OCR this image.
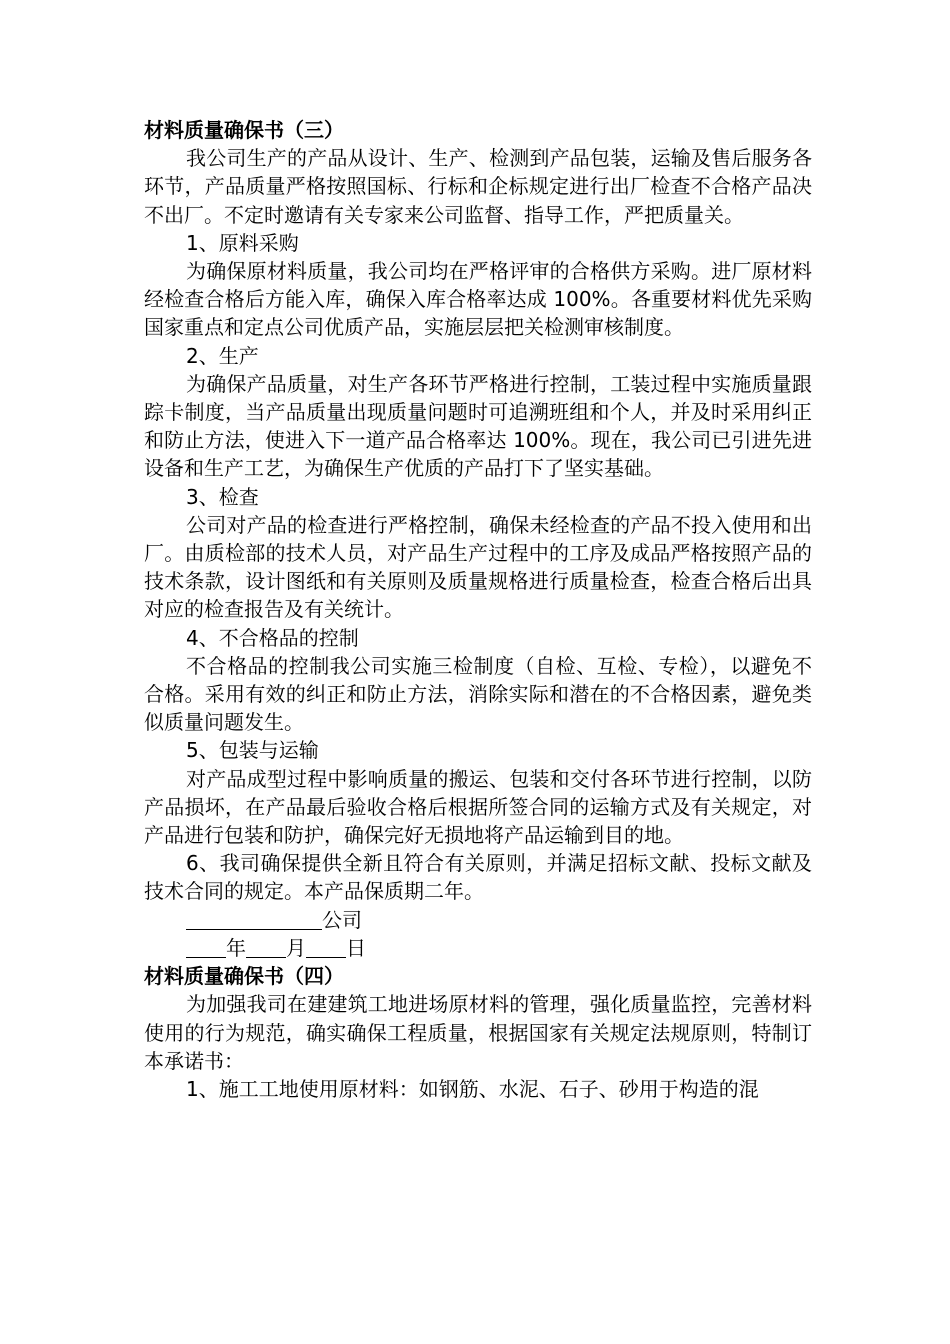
材料质量确保书（三）

我公司生产的产品从设计、生产、检测到产品包装，运输及售后服务各环节，产品质量严格按照国标、行标和企标规定进行出厂检查不合格产品决不出厂。不定时邀请有关专家来公司监督、指导工作，严把质量关。

1、原料采购

为确保原材料质量，我公司均在严格评审的合格供方采购。进厂原材料经检查合格后方能入库，确保入库合格率达成 100%。各重要材料优先采购国家重点和定点公司优质产品，实施层层把关检测审核制度。

2、生产

为确保产品质量，对生产各环节严格进行控制，工装过程中实施质量跟踪卡制度，当产品质量出现质量问题时可追溯班组和个人，并及时采用纠正和防止方法，使进入下一道产品合格率达 100%。现在，我公司已引进先进设备和生产工艺，为确保生产优质的产品打下了坚实基础。

3、检查

公司对产品的检查进行严格控制，确保未经检查的产品不投入使用和出厂。由质检部的技术人员，对产品生产过程中的工序及成品严格按照产品的技术条款，设计图纸和有关原则及质量规格进行质量检查，检查合格后出具对应的检查报告及有关统计。

4、不合格品的控制

不合格品的控制我公司实施三检制度（自检、互检、专检），以避免不合格。采用有效的纠正和防止方法，消除实际和潜在的不合格因素，避免类似质量问题发生。

5、包装与运输

对产品成型过程中影响质量的搬运、包装和交付各环节进行控制，以防产品损坏，在产品最后验收合格后根据所签合同的运输方式及有关规定，对产品进行包装和防护，确保完好无损地将产品运输到目的地。

6、我司确保提供全新且符合有关原则，并满足招标文献、投标文献及技术合同的规定。本产品保质期二年。

公司

年 月 日

材料质量确保书（四）

为加强我司在建建筑工地进场原材料的管理，强化质量监控，完善材料使用的行为规范，确实确保工程质量，根据国家有关规定法规原则，特制订本承诺书：

1、施工工地使用原材料：如钢筋、水泥、石子、砂用于构造的混
